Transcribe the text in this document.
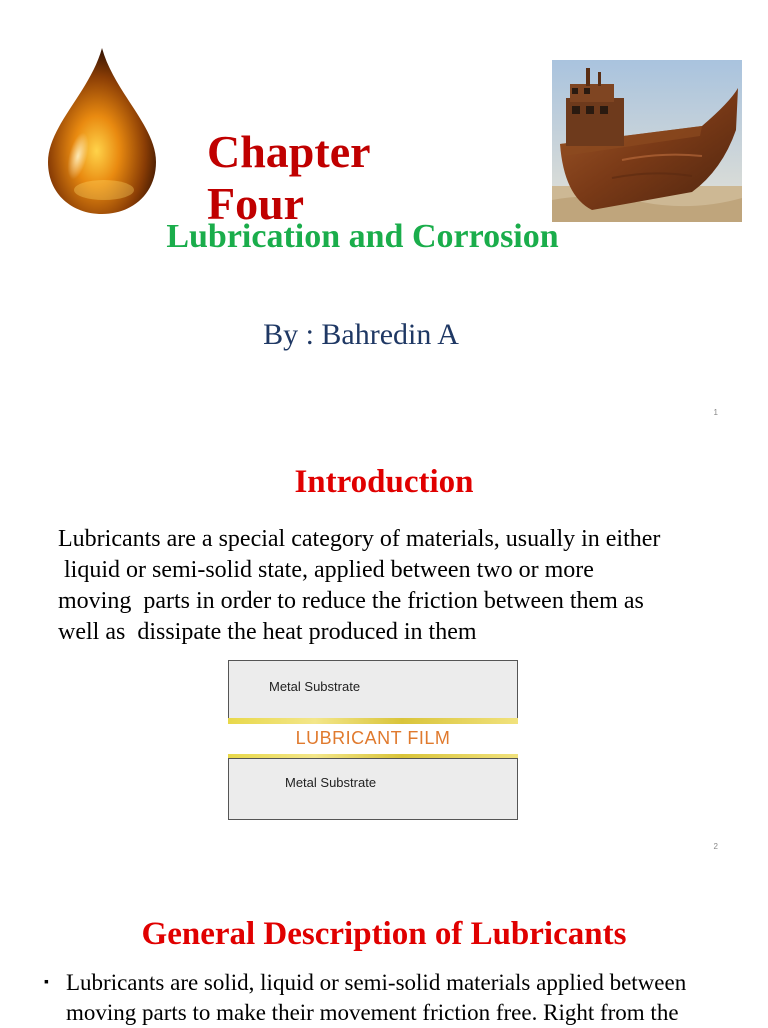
Chapter
Four
Lubrication and Corrosion
By : Bahredin A
1
Introduction
Lubricants are a special category of materials, usually in either
liquid or semi-solid state, applied between two or more
moving  parts in order to reduce the friction between them as
well as  dissipate the heat produced in them
Metal Substrate
LUBRICANT FILM
Metal Substrate
2
General Description of Lubricants
▪ Lubricants are solid, liquid or semi-solid materials applied between
moving parts to make their movement friction free. Right from the
